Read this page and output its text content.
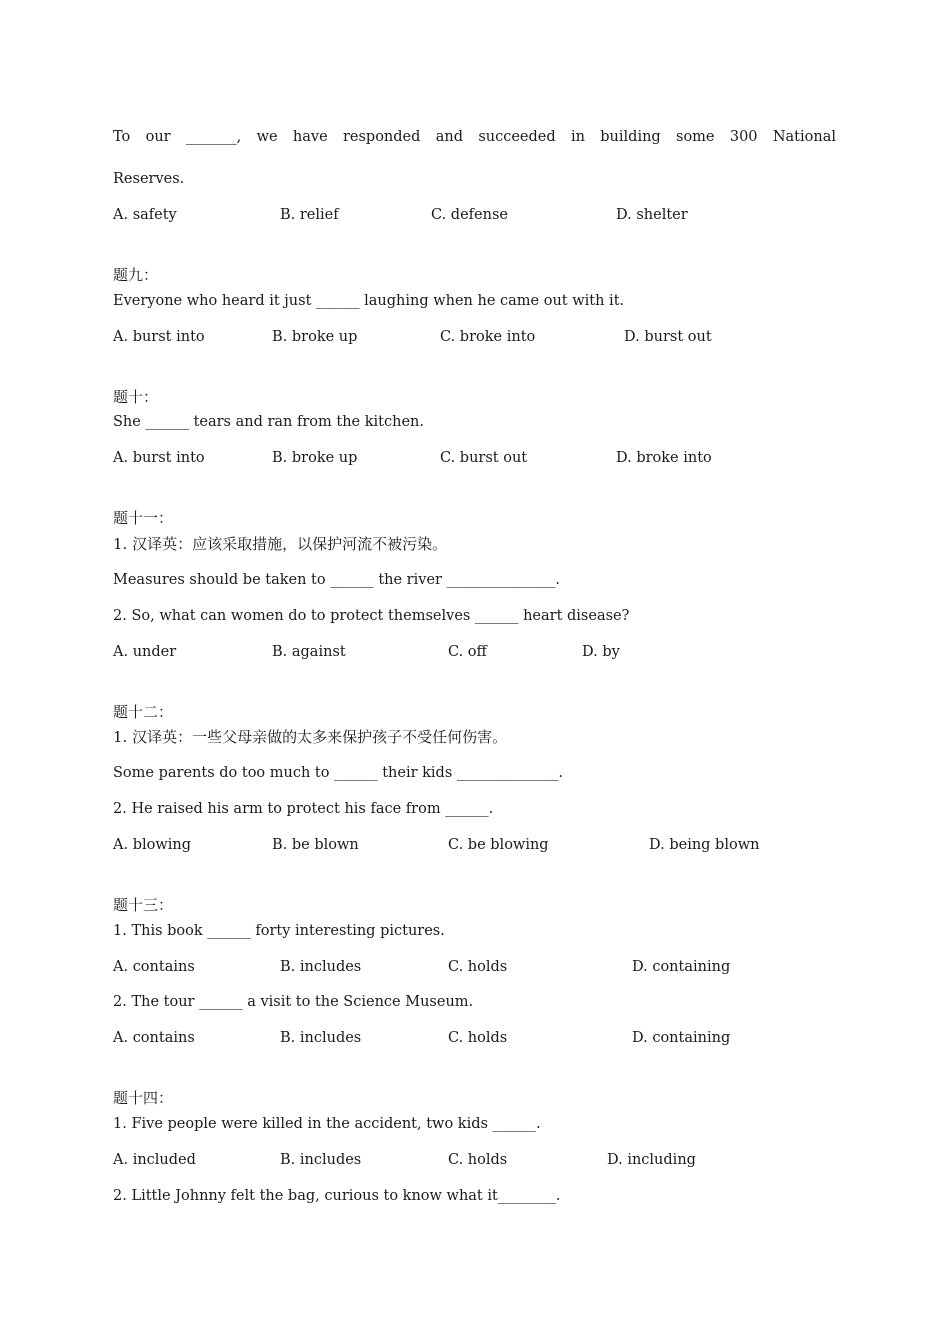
To our _______, we have responded and succeeded in building some 300 National
Reserves.
A. safety	B. relief	C. defense	D. shelter
题九：
Everyone who heard it just ______ laughing when he came out with it.
A. burst into	B. broke up	C. broke into	D. burst out
题十：
She ______ tears and ran from the kitchen.
A. burst into	B. broke up	C. burst out	D. broke into
题十一：
1. 汉译英：应该采取措施，以保护河流不被污染。
Measures should be taken to ______ the river _______________.
2. So, what can women do to protect themselves ______ heart disease?
A. under	B. against	C. off	D. by
题十二：
1. 汉译英：一些父母亲做的太多来保护孩子不受任何伤害。
Some parents do too much to ______ their kids ______________.
2. He raised his arm to protect his face from ______.
A. blowing	B. be blown	C. be blowing	D. being blown
题十三：
1. This book ______ forty interesting pictures.
A. contains	B. includes	C. holds	D. containing
2. The tour ______ a visit to the Science Museum.
A. contains	B. includes	C. holds	D. containing
题十四：
1. Five people were killed in the accident, two kids ______.
A. included	B. includes	C. holds	D. including
2. Little Johnny felt the bag, curious to know what it________.
